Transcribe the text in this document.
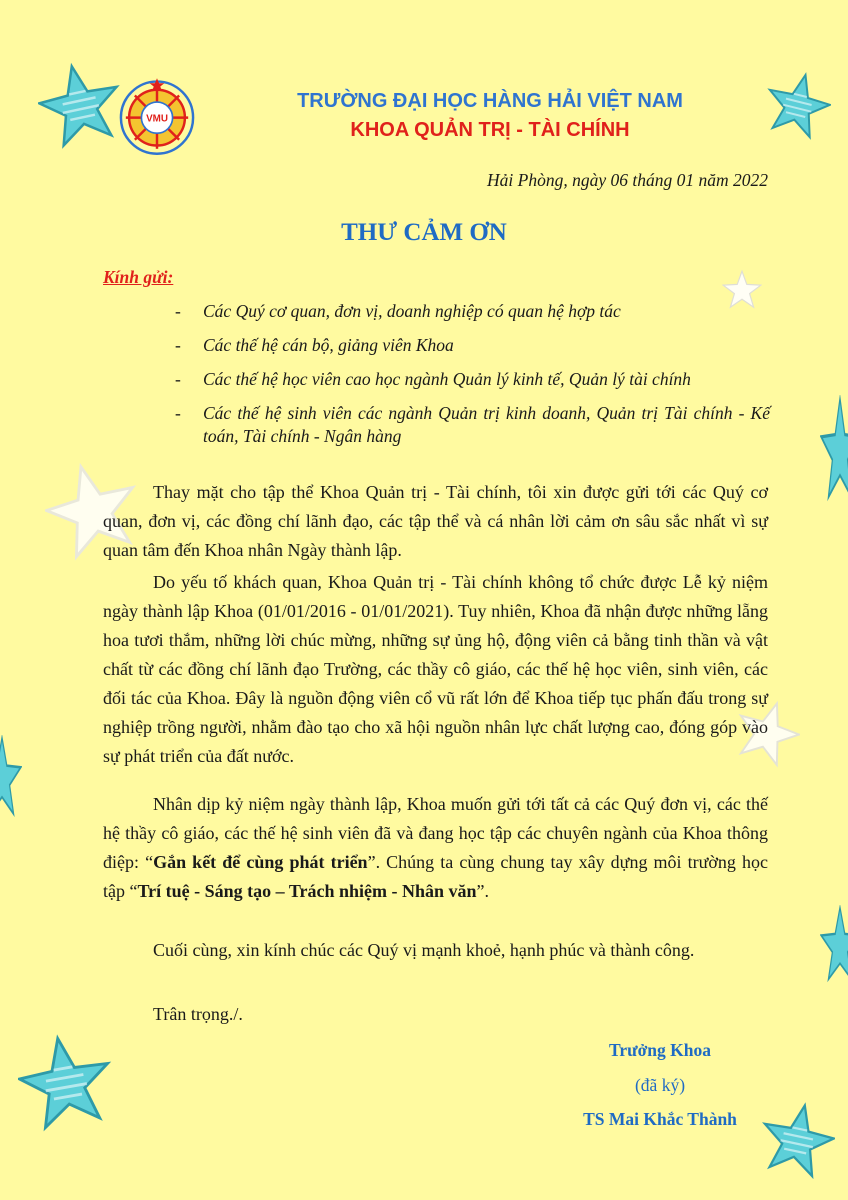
VMU

TRƯỜNG ĐẠI HỌC HÀNG HẢI VIỆT NAM

KHOA QUẢN TRỊ - TÀI CHÍNH

Hải Phòng, ngày 06 tháng 01 năm 2022

THƯ CẢM ƠN

Kính gửi:

-	Các Quý cơ quan, đơn vị, doanh nghiệp có quan hệ hợp tác

-	Các thế hệ cán bộ, giảng viên Khoa

-	Các thế hệ học viên cao học ngành Quản lý kinh tế, Quản lý tài chính

-	Các thế hệ sinh viên các ngành Quản trị kinh doanh, Quản trị Tài chính - Kế toán, Tài chính - Ngân hàng

Thay mặt cho tập thể Khoa Quản trị - Tài chính, tôi xin được gửi tới các Quý cơ quan, đơn vị, các đồng chí lãnh đạo, các tập thể và cá nhân lời cảm ơn sâu sắc nhất vì sự quan tâm đến Khoa nhân Ngày thành lập.

Do yếu tố khách quan, Khoa Quản trị - Tài chính không tổ chức được Lễ kỷ niệm ngày thành lập Khoa (01/01/2016 - 01/01/2021). Tuy nhiên, Khoa đã nhận được những lẵng hoa tươi thắm, những lời chúc mừng, những sự ủng hộ, động viên cả bằng tinh thần và vật chất từ các đồng chí lãnh đạo Trường, các thầy cô giáo, các thế hệ học viên, sinh viên, các đối tác của Khoa. Đây là nguồn động viên cổ vũ rất lớn để Khoa tiếp tục phấn đấu trong sự nghiệp trồng người, nhằm đào tạo cho xã hội nguồn nhân lực chất lượng cao, đóng góp vào sự phát triển của đất nước.

Nhân dịp kỷ niệm ngày thành lập, Khoa muốn gửi tới tất cả các Quý đơn vị, các thế hệ thầy cô giáo, các thế hệ sinh viên đã và đang học tập các chuyên ngành của Khoa thông điệp: “Gắn kết để cùng phát triển”. Chúng ta cùng chung tay xây dựng môi trường học tập “Trí tuệ - Sáng tạo – Trách nhiệm - Nhân văn”.

Cuối cùng, xin kính chúc các Quý vị mạnh khoẻ, hạnh phúc và thành công.

Trân trọng./.

Trưởng Khoa

(đã ký)

TS Mai Khắc Thành
